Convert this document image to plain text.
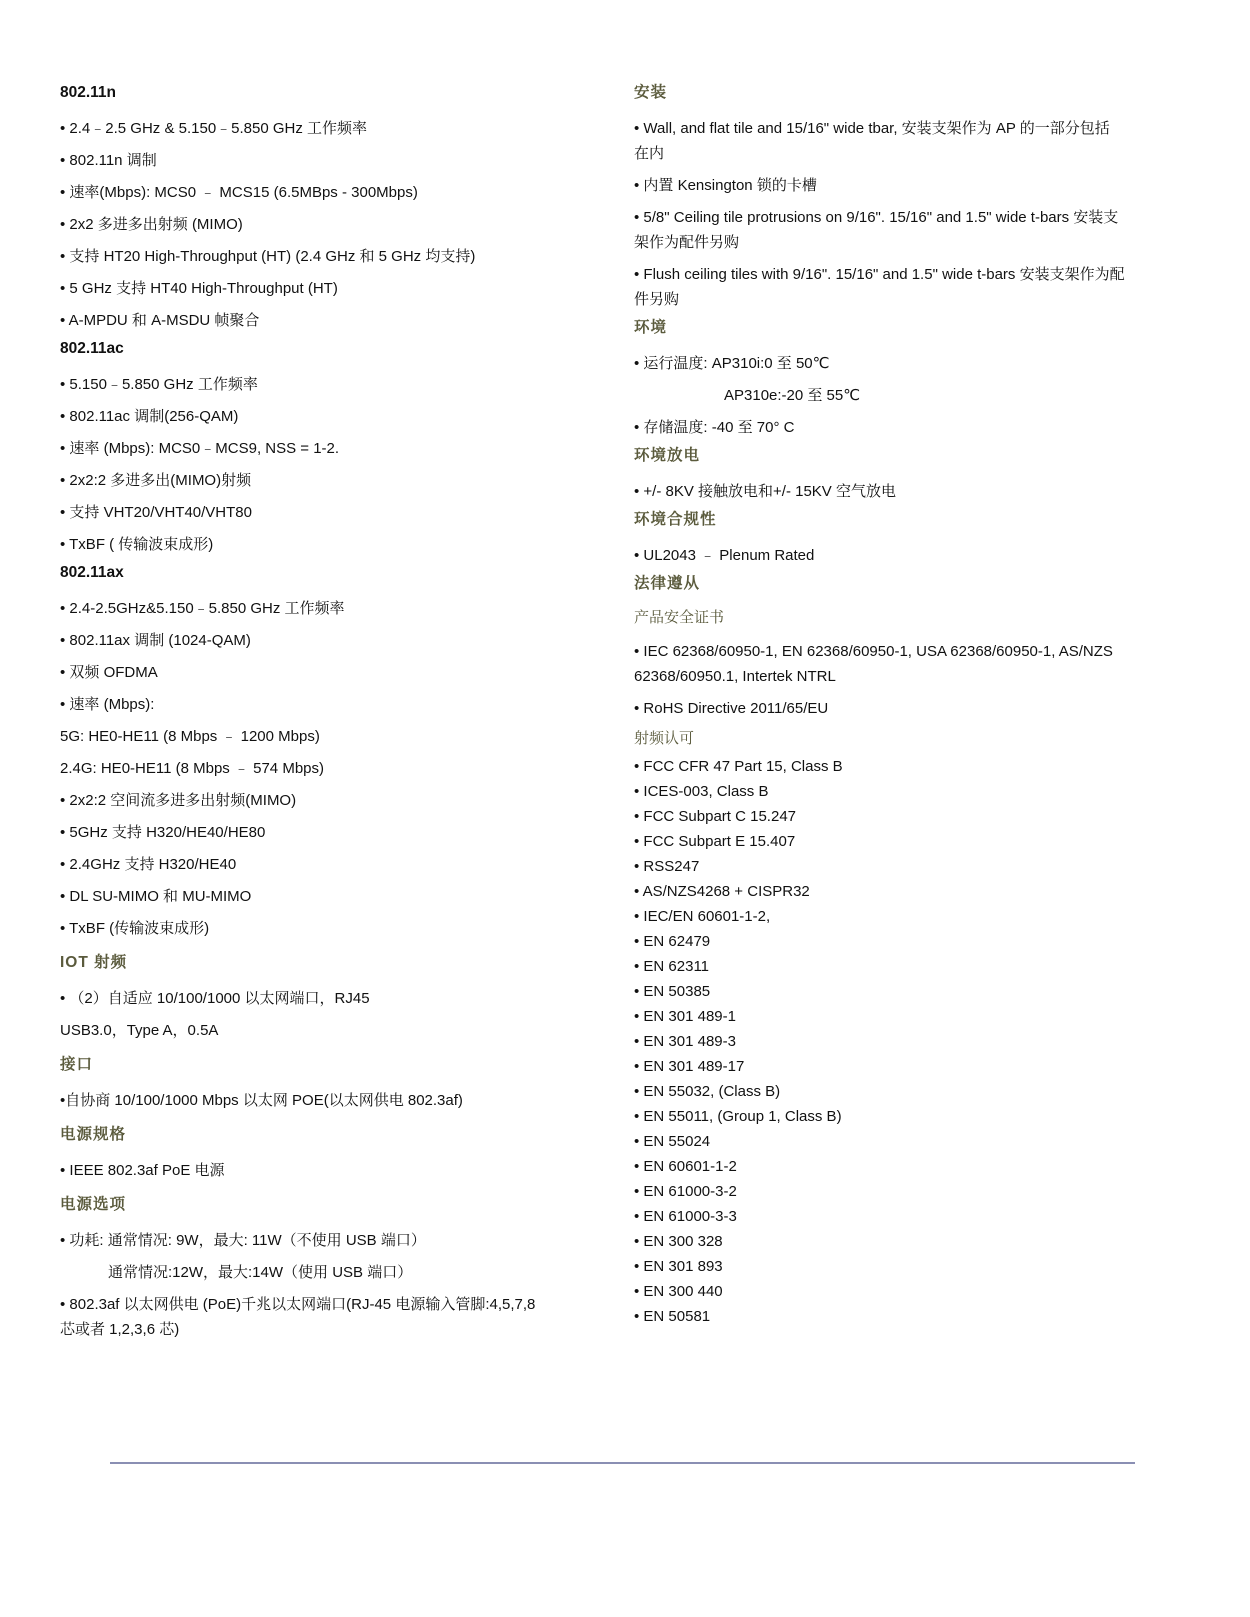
802.11n
• 2.4﹣2.5 GHz & 5.150﹣5.850 GHz 工作频率
• 802.11n 调制
• 速率(Mbps): MCS0 ﹣ MCS15 (6.5MBps - 300Mbps)
• 2x2 多进多出射频 (MIMO)
• 支持 HT20 High-Throughput (HT) (2.4 GHz 和 5 GHz 均支持)
• 5 GHz 支持 HT40 High-Throughput (HT)
• A-MPDU 和 A-MSDU 帧聚合
802.11ac
• 5.150﹣5.850 GHz 工作频率
• 802.11ac 调制(256-QAM)
• 速率 (Mbps): MCS0﹣MCS9, NSS = 1-2.
• 2x2:2 多进多出(MIMO)射频
• 支持 VHT20/VHT40/VHT80
• TxBF ( 传输波束成形)
802.11ax
• 2.4-2.5GHz&5.150﹣5.850 GHz 工作频率
• 802.11ax 调制 (1024-QAM)
• 双频 OFDMA
• 速率 (Mbps):
5G: HE0-HE11 (8 Mbps ﹣ 1200 Mbps)
2.4G: HE0-HE11 (8 Mbps ﹣ 574 Mbps)
• 2x2:2 空间流多进多出射频(MIMO)
• 5GHz 支持 H320/HE40/HE80
• 2.4GHz 支持 H320/HE40
• DL SU-MIMO 和 MU-MIMO
• TxBF (传输波束成形)
IOT 射频
• （2）自适应 10/100/1000 以太网端口，RJ45
USB3.0，Type A，0.5A
接口
•自协商 10/100/1000 Mbps 以太网 POE(以太网供电 802.3af)
电源规格
• IEEE 802.3af PoE 电源
电源选项
• 功耗: 通常情况: 9W，最大: 11W（不使用 USB 端口）
通常情况:12W，最大:14W（使用 USB 端口）
• 802.3af 以太网供电 (PoE)千兆以太网端口(RJ-45 电源输入管脚:4,5,7,8
芯或者 1,2,3,6 芯)
安装
• Wall, and flat tile and 15/16" wide tbar, 安装支架作为 AP 的一部分包括
在内
• 内置 Kensington 锁的卡槽
• 5/8" Ceiling tile protrusions on 9/16". 15/16" and 1.5" wide t-bars 安装支
架作为配件另购
• Flush ceiling tiles with 9/16". 15/16" and 1.5" wide t-bars 安装支架作为配
件另购
环境
• 运行温度: AP310i:0 至 50℃
AP310e:-20 至 55℃
• 存储温度: -40 至 70° C
环境放电
• +/- 8KV 接触放电和+/- 15KV 空气放电
环境合规性
• UL2043 ﹣ Plenum Rated
法律遵从
产品安全证书
• IEC 62368/60950-1, EN 62368/60950-1, USA 62368/60950-1, AS/NZS
62368/60950.1, Intertek NTRL
• RoHS Directive 2011/65/EU
射频认可
• FCC CFR 47 Part 15, Class B
• ICES-003, Class B
• FCC Subpart C 15.247
• FCC Subpart E 15.407
• RSS247
• AS/NZS4268 + CISPR32
• IEC/EN 60601-1-2,
• EN 62479
• EN 62311
• EN 50385
• EN 301 489-1
• EN 301 489-3
• EN 301 489-17
• EN 55032, (Class B)
• EN 55011, (Group 1, Class B)
• EN 55024
• EN 60601-1-2
• EN 61000-3-2
• EN 61000-3-3
• EN 300 328
• EN 301 893
• EN 300 440
• EN 50581
